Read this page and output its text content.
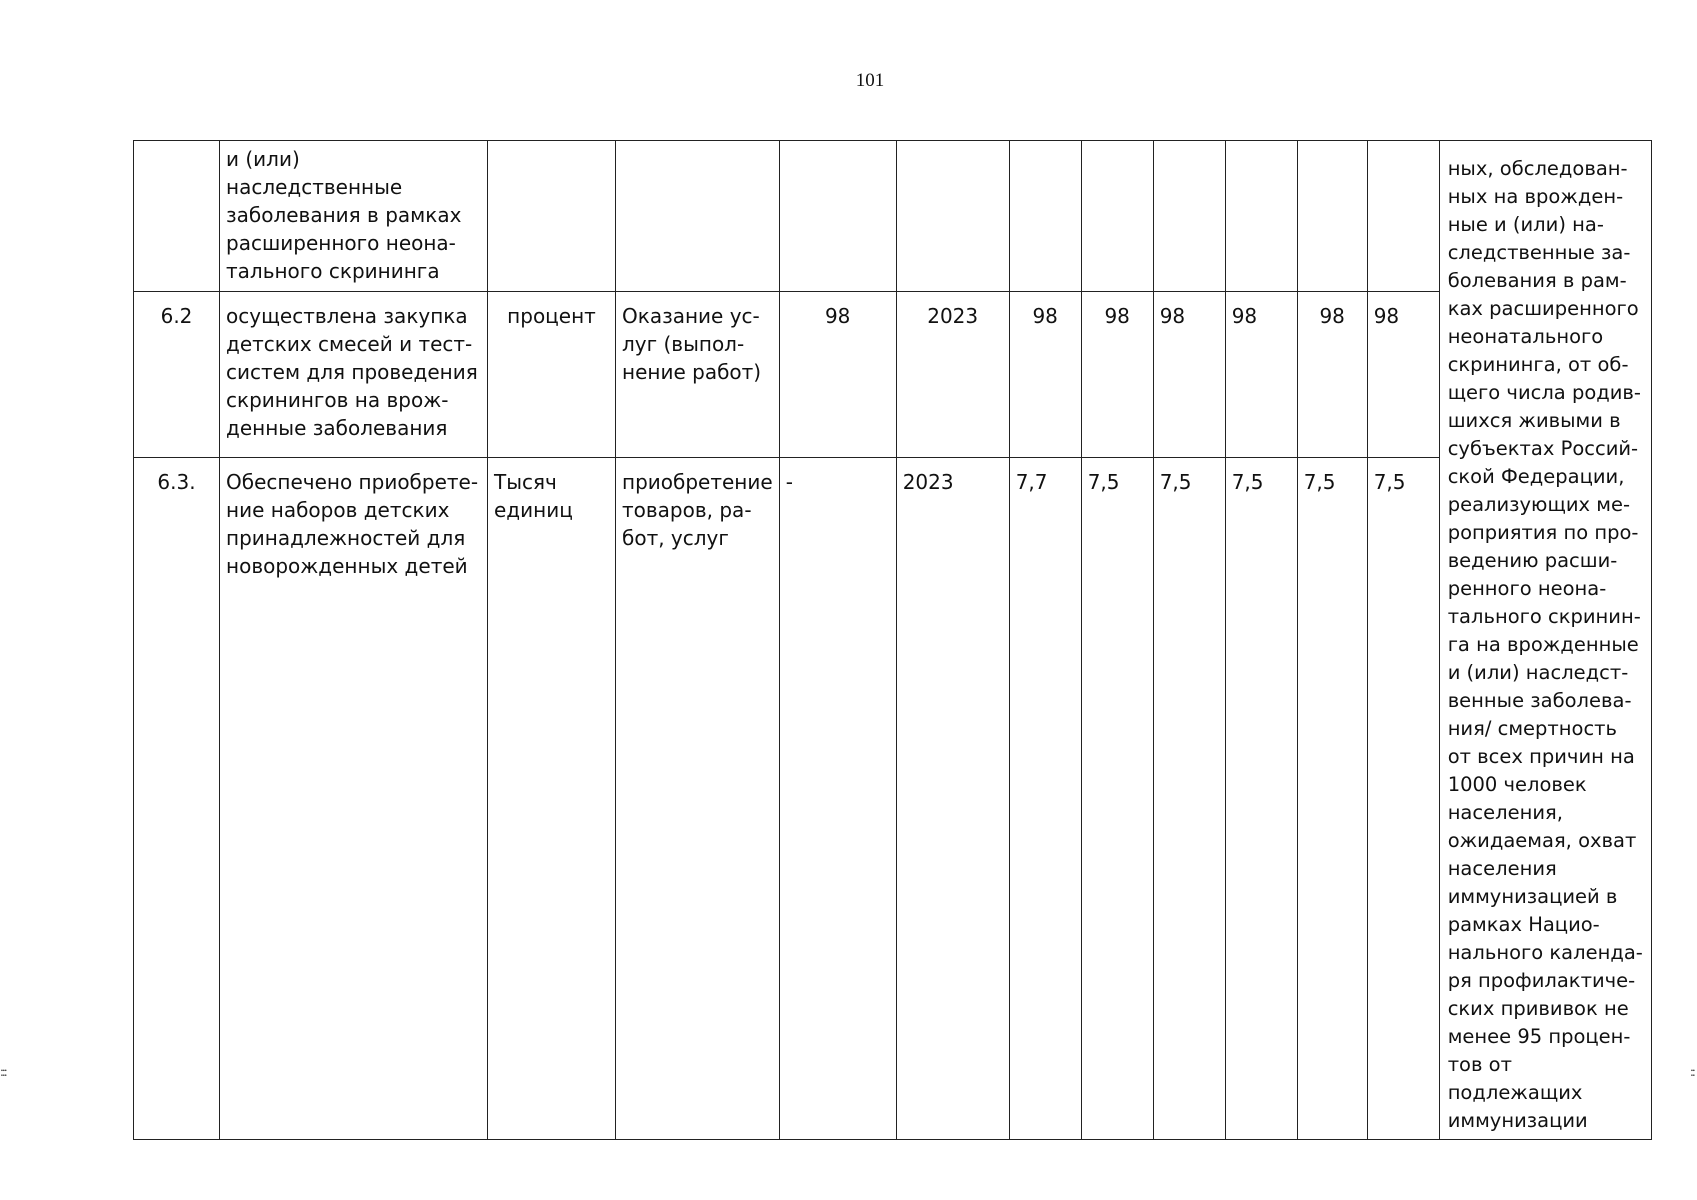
101
:::	::
	и (или) наследственные заболевания в рамках расширенного неона-тального скрининга											ных, обследован- ных на врожден- ные и (или) на- следственные за- болевания в рам- ках расширенного неонатального скрининга, от об- щего числа родив- шихся живыми в субъектах Россий- ской Федерации, реализующих ме- роприятия по про- ведению расши- ренного неона- тального скринин- га на врожденные и (или) наследст- венные заболева- ния/ смертность от всех причин на 1000 человек населения, ожидаемая, охват населения иммунизацией в рамках Нацио- нального календа- ря профилактиче- ских прививок не менее 95 процен- тов от подлежащих иммунизации
6.2	осуществлена закупка детских смесей и тест-систем для проведения скринингов на врож-денные заболевания	процент	Оказание ус-луг (выпол-нение работ)	98	2023	98	98	98	98	98	98	
6.3.	Обеспечено приобрете-ние наборов детских принадлежностей для новорожденных детей	Тысяч единиц	приобретение товаров, ра-бот, услуг	-	2023	7,7	7,5	7,5	7,5	7,5	7,5	
